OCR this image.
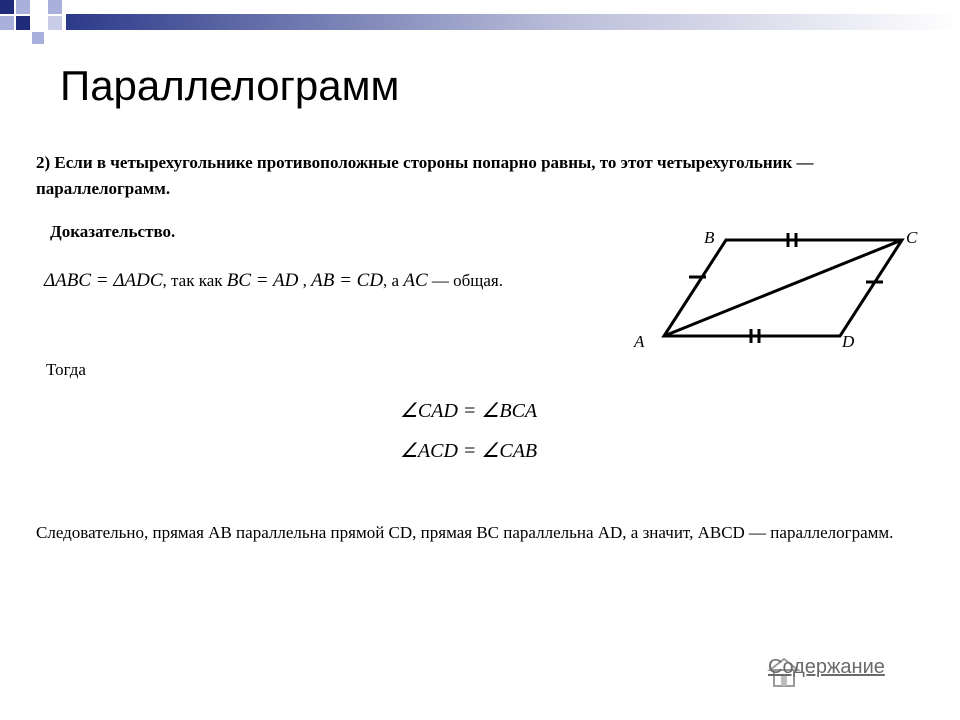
Параллелограмм
2) Если в четырехугольнике противоположные стороны попарно равны, то этот четырехугольник — параллелограмм.
Доказательство.
ΔABC = ΔADC, так как BC = AD , AB = CD, а AC — общая.
Тогда
∠CAD = ∠BCA
∠ACD = ∠CAB
Следовательно, прямая AB параллельна прямой CD, прямая BC параллельна AD, а значит, ABCD — параллелограмм.
B	C
A	D
Содержание
